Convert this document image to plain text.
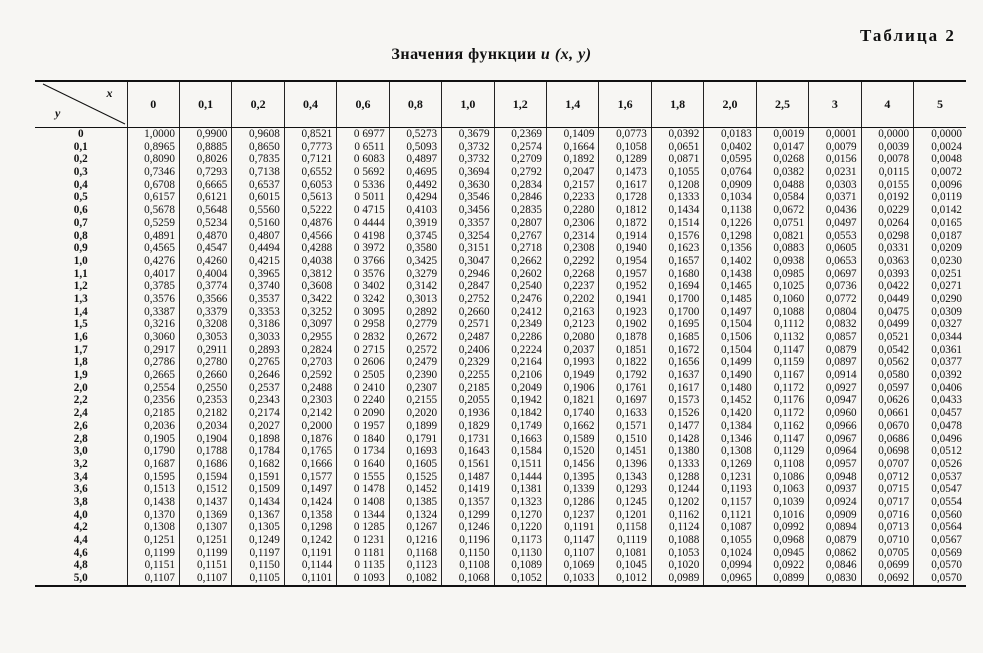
Таблица 2
Значения функции u (x, y)
x
y	0	0,1	0,2	0,4	0,6	0,8	1,0	1,2	1,4	1,6	1,8	2,0	2,5	3	4	5
0	1,0000	0,9900	0,9608	0,8521	0 6977	0,5273	0,3679	0,2369	0,1409	0,0773	0,0392	0,0183	0,0019	0,0001	0,0000	0,0000
0,1	0,8965	0,8885	0,8650	0,7773	0 6511	0,5093	0,3732	0,2574	0,1664	0,1058	0,0651	0,0402	0,0147	0,0079	0,0039	0,0024
0,2	0,8090	0,8026	0,7835	0,7121	0 6083	0,4897	0,3732	0,2709	0,1892	0,1289	0,0871	0,0595	0,0268	0,0156	0,0078	0,0048
0,3	0,7346	0,7293	0,7138	0,6552	0 5692	0,4695	0,3694	0,2792	0,2047	0,1473	0,1055	0,0764	0,0382	0,0231	0,0115	0,0072
0,4	0,6708	0,6665	0,6537	0,6053	0 5336	0,4492	0,3630	0,2834	0,2157	0,1617	0,1208	0,0909	0,0488	0,0303	0,0155	0,0096
0,5	0,6157	0,6121	0,6015	0,5613	0 5011	0,4294	0,3546	0,2846	0,2233	0,1728	0,1333	0,1034	0,0584	0,0371	0,0192	0,0119
0,6	0,5678	0,5648	0,5560	0,5222	0 4715	0,4103	0,3456	0,2835	0,2280	0,1812	0,1434	0,1138	0,0672	0,0436	0,0229	0,0142
0,7	0,5259	0,5234	0,5160	0,4876	0 4444	0,3919	0,3357	0,2807	0,2306	0,1872	0,1514	0,1226	0,0751	0,0497	0,0264	0,0165
0,8	0,4891	0,4870	0,4807	0,4566	0 4198	0,3745	0,3254	0,2767	0,2314	0,1914	0,1576	0,1298	0,0821	0,0553	0,0298	0,0187
0,9	0,4565	0,4547	0,4494	0,4288	0 3972	0,3580	0,3151	0,2718	0,2308	0,1940	0,1623	0,1356	0,0883	0,0605	0,0331	0,0209
1,0	0,4276	0,4260	0,4215	0,4038	0 3766	0,3425	0,3047	0,2662	0,2292	0,1954	0,1657	0,1402	0,0938	0,0653	0,0363	0,0230
1,1	0,4017	0,4004	0,3965	0,3812	0 3576	0,3279	0,2946	0,2602	0,2268	0,1957	0,1680	0,1438	0,0985	0,0697	0,0393	0,0251
1,2	0,3785	0,3774	0,3740	0,3608	0 3402	0,3142	0,2847	0,2540	0,2237	0,1952	0,1694	0,1465	0,1025	0,0736	0,0422	0,0271
1,3	0,3576	0,3566	0,3537	0,3422	0 3242	0,3013	0,2752	0,2476	0,2202	0,1941	0,1700	0,1485	0,1060	0,0772	0,0449	0,0290
1,4	0,3387	0,3379	0,3353	0,3252	0 3095	0,2892	0,2660	0,2412	0,2163	0,1923	0,1700	0,1497	0,1088	0,0804	0,0475	0,0309
1,5	0,3216	0,3208	0,3186	0,3097	0 2958	0,2779	0,2571	0,2349	0,2123	0,1902	0,1695	0,1504	0,1112	0,0832	0,0499	0,0327
1,6	0,3060	0,3053	0,3033	0,2955	0 2832	0,2672	0,2487	0,2286	0,2080	0,1878	0,1685	0,1506	0,1132	0,0857	0,0521	0,0344
1,7	0,2917	0,2911	0,2893	0,2824	0 2715	0,2572	0,2406	0,2224	0,2037	0,1851	0,1672	0,1504	0,1147	0,0879	0,0542	0,0361
1,8	0,2786	0,2780	0,2765	0,2703	0 2606	0,2479	0,2329	0,2164	0,1993	0,1822	0,1656	0,1499	0,1159	0,0897	0,0562	0,0377
1,9	0,2665	0,2660	0,2646	0,2592	0 2505	0,2390	0,2255	0,2106	0,1949	0,1792	0,1637	0,1490	0,1167	0,0914	0,0580	0,0392
2,0	0,2554	0,2550	0,2537	0,2488	0 2410	0,2307	0,2185	0,2049	0,1906	0,1761	0,1617	0,1480	0,1172	0,0927	0,0597	0,0406
2,2	0,2356	0,2353	0,2343	0,2303	0 2240	0,2155	0,2055	0,1942	0,1821	0,1697	0,1573	0,1452	0,1176	0,0947	0,0626	0,0433
2,4	0,2185	0,2182	0,2174	0,2142	0 2090	0,2020	0,1936	0,1842	0,1740	0,1633	0,1526	0,1420	0,1172	0,0960	0,0661	0,0457
2,6	0,2036	0,2034	0,2027	0,2000	0 1957	0,1899	0,1829	0,1749	0,1662	0,1571	0,1477	0,1384	0,1162	0,0966	0,0670	0,0478
2,8	0,1905	0,1904	0,1898	0,1876	0 1840	0,1791	0,1731	0,1663	0,1589	0,1510	0,1428	0,1346	0,1147	0,0967	0,0686	0,0496
3,0	0,1790	0,1788	0,1784	0,1765	0 1734	0,1693	0,1643	0,1584	0,1520	0,1451	0,1380	0,1308	0,1129	0,0964	0,0698	0,0512
3,2	0,1687	0,1686	0,1682	0,1666	0 1640	0,1605	0,1561	0,1511	0,1456	0,1396	0,1333	0,1269	0,1108	0,0957	0,0707	0,0526
3,4	0,1595	0,1594	0,1591	0,1577	0 1555	0,1525	0,1487	0,1444	0,1395	0,1343	0,1288	0,1231	0,1086	0,0948	0,0712	0,0537
3,6	0,1513	0,1512	0,1509	0,1497	0 1478	0,1452	0,1419	0,1381	0,1339	0,1293	0,1244	0,1193	0,1063	0,0937	0,0715	0,0547
3,8	0,1438	0,1437	0,1434	0,1424	0 1408	0,1385	0,1357	0,1323	0,1286	0,1245	0,1202	0,1157	0,1039	0,0924	0,0717	0,0554
4,0	0,1370	0,1369	0,1367	0,1358	0 1344	0,1324	0,1299	0,1270	0,1237	0,1201	0,1162	0,1121	0,1016	0,0909	0,0716	0,0560
4,2	0,1308	0,1307	0,1305	0,1298	0 1285	0,1267	0,1246	0,1220	0,1191	0,1158	0,1124	0,1087	0,0992	0,0894	0,0713	0,0564
4,4	0,1251	0,1251	0,1249	0,1242	0 1231	0,1216	0,1196	0,1173	0,1147	0,1119	0,1088	0,1055	0,0968	0,0879	0,0710	0,0567
4,6	0,1199	0,1199	0,1197	0,1191	0 1181	0,1168	0,1150	0,1130	0,1107	0,1081	0,1053	0,1024	0,0945	0,0862	0,0705	0,0569
4,8	0,1151	0,1151	0,1150	0,1144	0 1135	0,1123	0,1108	0,1089	0,1069	0,1045	0,1020	0,0994	0,0922	0,0846	0,0699	0,0570
5,0	0,1107	0,1107	0,1105	0,1101	0 1093	0,1082	0,1068	0,1052	0,1033	0,1012	0,0989	0,0965	0,0899	0,0830	0,0692	0,0570
